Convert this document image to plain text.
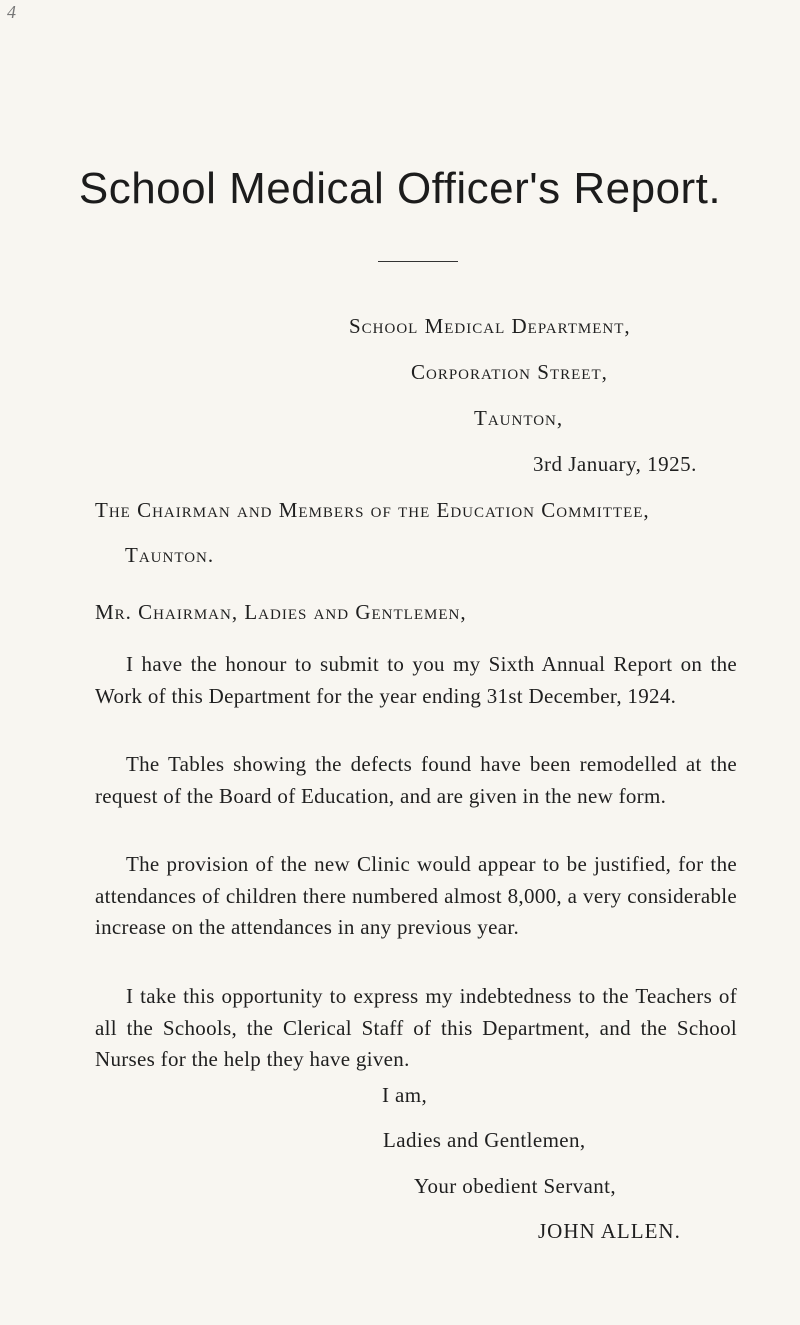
4
School Medical Officer's Report.
School Medical Department,
Corporation Street,
Taunton,
3rd January, 1925.
The Chairman and Members of the Education Committee,
Taunton.
Mr. Chairman, Ladies and Gentlemen,

I have the honour to submit to you my Sixth Annual Report on the Work of this Department for the year ending 31st December, 1924.

The Tables showing the defects found have been remodelled at the request of the Board of Education, and are given in the new form.

The provision of the new Clinic would appear to be justified, for the attendances of children there numbered almost 8,000, a very considerable increase on the attendances in any previous year.

I take this opportunity to express my indebtedness to the Teachers of all the Schools, the Clerical Staff of this Department, and the School Nurses for the help they have given.

I am,
Ladies and Gentlemen,
Your obedient Servant,
JOHN ALLEN.
